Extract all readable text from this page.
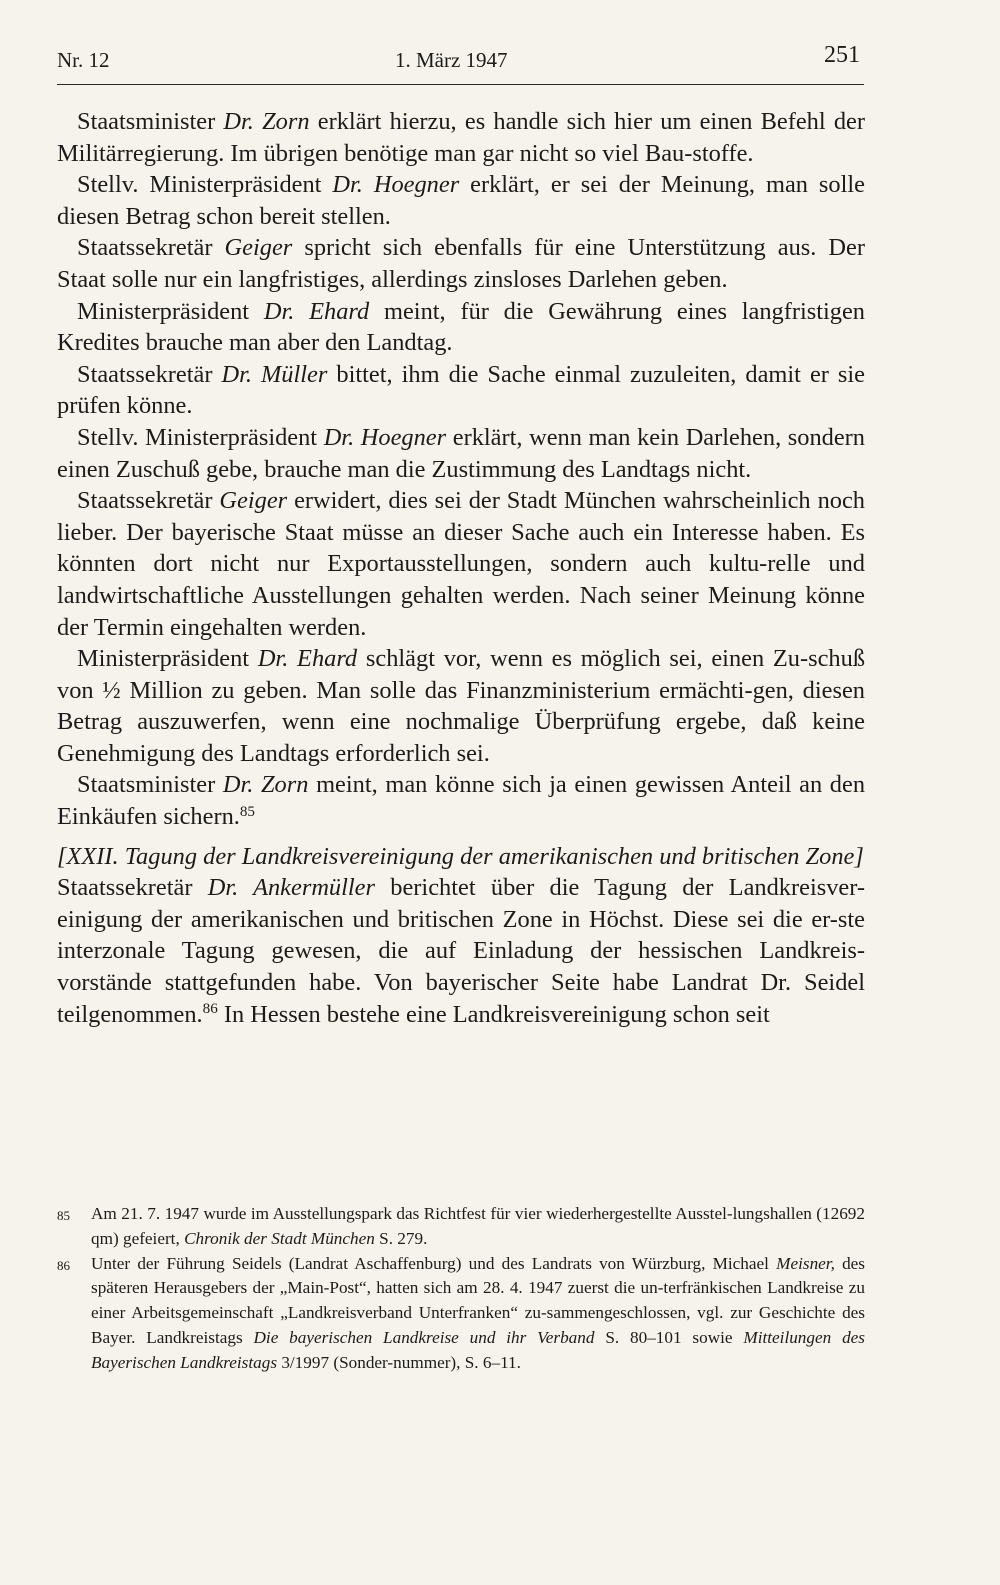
Nr. 12	1. März 1947	251

Staatsminister Dr. Zorn erklärt hierzu, es handle sich hier um einen Befehl der Militärregierung. Im übrigen benötige man gar nicht so viel Bau-stoffe.

Stellv. Ministerpräsident Dr. Hoegner erklärt, er sei der Meinung, man solle diesen Betrag schon bereit stellen.

Staatssekretär Geiger spricht sich ebenfalls für eine Unterstützung aus. Der Staat solle nur ein langfristiges, allerdings zinsloses Darlehen geben.

Ministerpräsident Dr. Ehard meint, für die Gewährung eines langfristigen Kredites brauche man aber den Landtag.

Staatssekretär Dr. Müller bittet, ihm die Sache einmal zuzuleiten, damit er sie prüfen könne.

Stellv. Ministerpräsident Dr. Hoegner erklärt, wenn man kein Darlehen, sondern einen Zuschuß gebe, brauche man die Zustimmung des Landtags nicht.

Staatssekretär Geiger erwidert, dies sei der Stadt München wahrscheinlich noch lieber. Der bayerische Staat müsse an dieser Sache auch ein Interesse haben. Es könnten dort nicht nur Exportausstellungen, sondern auch kultu-relle und landwirtschaftliche Ausstellungen gehalten werden. Nach seiner Meinung könne der Termin eingehalten werden.

Ministerpräsident Dr. Ehard schlägt vor, wenn es möglich sei, einen Zu-schuß von ½ Million zu geben. Man solle das Finanzministerium ermächti-gen, diesen Betrag auszuwerfen, wenn eine nochmalige Überprüfung ergebe, daß keine Genehmigung des Landtags erforderlich sei.

Staatsminister Dr. Zorn meint, man könne sich ja einen gewissen Anteil an den Einkäufen sichern.$^{85}$

[XXII. Tagung der Landkreisvereinigung der amerikanischen und britischen Zone]

Staatssekretär Dr. Ankermüller berichtet über die Tagung der Landkreisver-einigung der amerikanischen und britischen Zone in Höchst. Diese sei die er-ste interzonale Tagung gewesen, die auf Einladung der hessischen Landkreis-vorstände stattgefunden habe. Von bayerischer Seite habe Landrat Dr. Seidel teilgenommen.$^{86}$ In Hessen bestehe eine Landkreisvereinigung schon seit

85	Am 21. 7. 1947 wurde im Ausstellungspark das Richtfest für vier wiederhergestellte Ausstel-lungshallen (12692 qm) gefeiert, Chronik der Stadt München S. 279.
86	Unter der Führung Seidels (Landrat Aschaffenburg) und des Landrats von Würzburg, Michael Meisner, des späteren Herausgebers der „Main-Post“, hatten sich am 28. 4. 1947 zuerst die un-terfränkischen Landkreise zu einer Arbeitsgemeinschaft „Landkreisverband Unterfranken“ zu-sammengeschlossen, vgl. zur Geschichte des Bayer. Landkreistags Die bayerischen Landkreise und ihr Verband S. 80–101 sowie Mitteilungen des Bayerischen Landkreistags 3/1997 (Sonder-nummer), S. 6–11.
